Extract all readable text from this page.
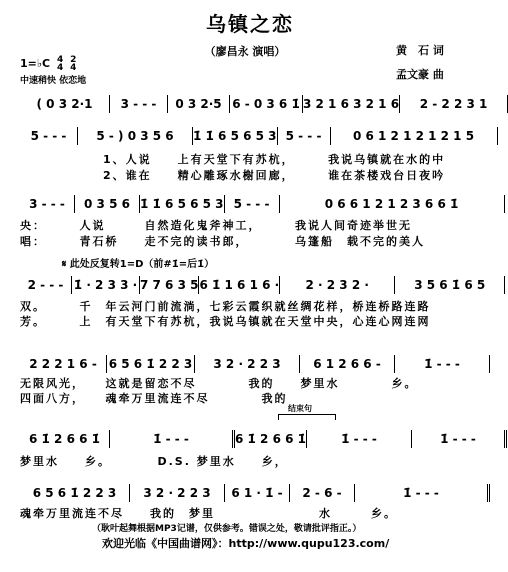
乌镇之恋
（廖昌永 演唱）	黄　石 词
孟文豪 曲
1=♭C 4
4

2
4
中速稍快 依恋地
( 0 3 2·1	3 - - -	0 3 2·5 6 - 0 3 6 1̇ 3 2 1 6 3 2 1 6	2 - 2 2 3 1
5 - - -	5 - ) 0 3 5 6	1̇ 1̇ 6 5 6 5 3 5 - - -	0 6 1 2 1 2 1 2 1 5
1、人说　　上有天堂下有苏杭，　　　我说乌镇就在水的中
2、谁在　　精心雕琢水榭回廊，　　　谁在茶楼戏台日夜吟
3 - - -	0 3 5 6 1̇ 1̇ 6 5 6 5 3 5 - - -	0 6 6 1 2 1 2 3 6 6 1̇
央：　　　人说　　　自然造化鬼斧神工，　　　我说人间奇迹举世无
唱：　　　青石桥　　走不完的读书郎，　　　　乌篷船　载不完的美人
𝄋 此处反复转1=D（前#1̇=后1̇）
2 - - - 1̇ · 2 3 3 · 7 7 6 3 5 6 1̇ 1 6 1 6 ·	2 · 2 3 2 ·	3 5 6 1̇ 6 5
双。　　　千　年云河门前流淌，七彩云霞织就丝绸花样，桥连桥路连路
芳。　　　上　有天堂下有苏杭，我说乌镇就在天堂中央，心连心网连网
2 2 2 1 6 - 6 5 6 1̇ 2 2 3	3 2 · 2 2 3	6 1 2 6 6 -	1̇ - - -
无限风光，　　这就是留恋不尽　　　　我的　　梦里水　　　　乡。
四面八方，　　魂牵万里流连不尽　　　　我的
结束句
6 1̇ 2 6 6 1̇	1̇ - - -	6 1̇ 2 6 6 1̇	1̇ - - -	1̇ - - -
梦里水　　乡。　　　　D.S. 梦里水　　乡，
6 5 6 1̇ 2 2 3	3 2 · 2 2 3	6 1 · 1̇ -	2 - 6 -	1̇ - - -
魂牵万里流连不尽　　我的　梦里　　　　　　　　水　　　乡。
（耿叶起舞根据MP3记谱，仅供参考。错误之处，敬请批评指正。）
欢迎光临《中国曲谱网》：http://www.qupu123.com/
